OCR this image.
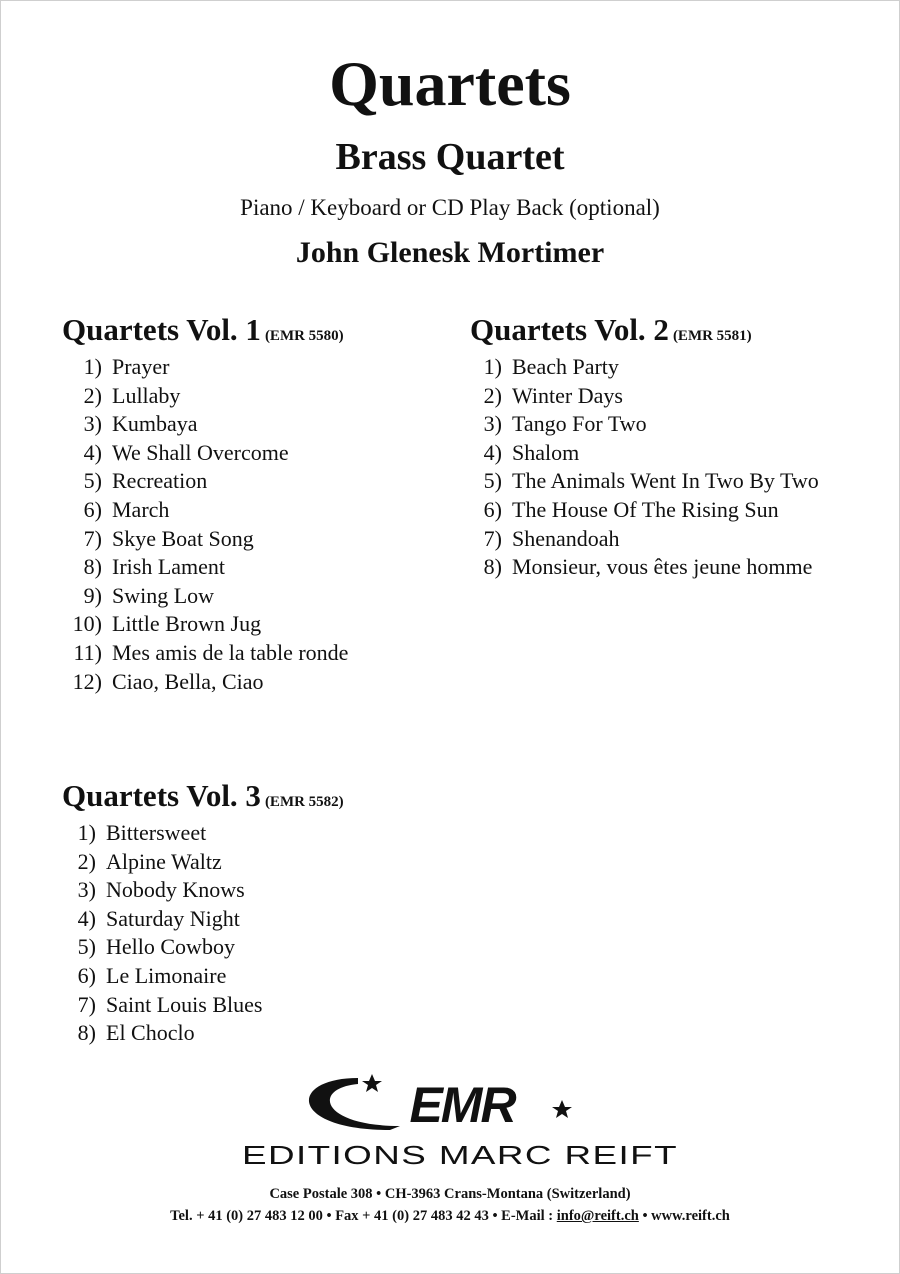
Quartets
Brass Quartet
Piano / Keyboard or CD Play Back (optional)
John Glenesk Mortimer
Quartets Vol. 1 (EMR 5580)
1) Prayer
2) Lullaby
3) Kumbaya
4) We Shall Overcome
5) Recreation
6) March
7) Skye Boat Song
8) Irish Lament
9) Swing Low
10) Little Brown Jug
11) Mes amis de la table ronde
12) Ciao, Bella, Ciao
Quartets Vol. 2 (EMR 5581)
1) Beach Party
2) Winter Days
3) Tango For Two
4) Shalom
5) The Animals Went In Two By Two
6) The House Of The Rising Sun
7) Shenandoah
8) Monsieur, vous êtes jeune homme
Quartets Vol. 3 (EMR 5582)
1) Bittersweet
2) Alpine Waltz
3) Nobody Knows
4) Saturday Night
5) Hello Cowboy
6) Le Limonaire
7) Saint Louis Blues
8) El Choclo
EMR
EDITIONS MARC REIFT
Case Postale 308 • CH-3963 Crans-Montana (Switzerland)
Tel. + 41 (0) 27 483 12 00 • Fax + 41 (0) 27 483 42 43 • E-Mail : info@reift.ch • www.reift.ch
